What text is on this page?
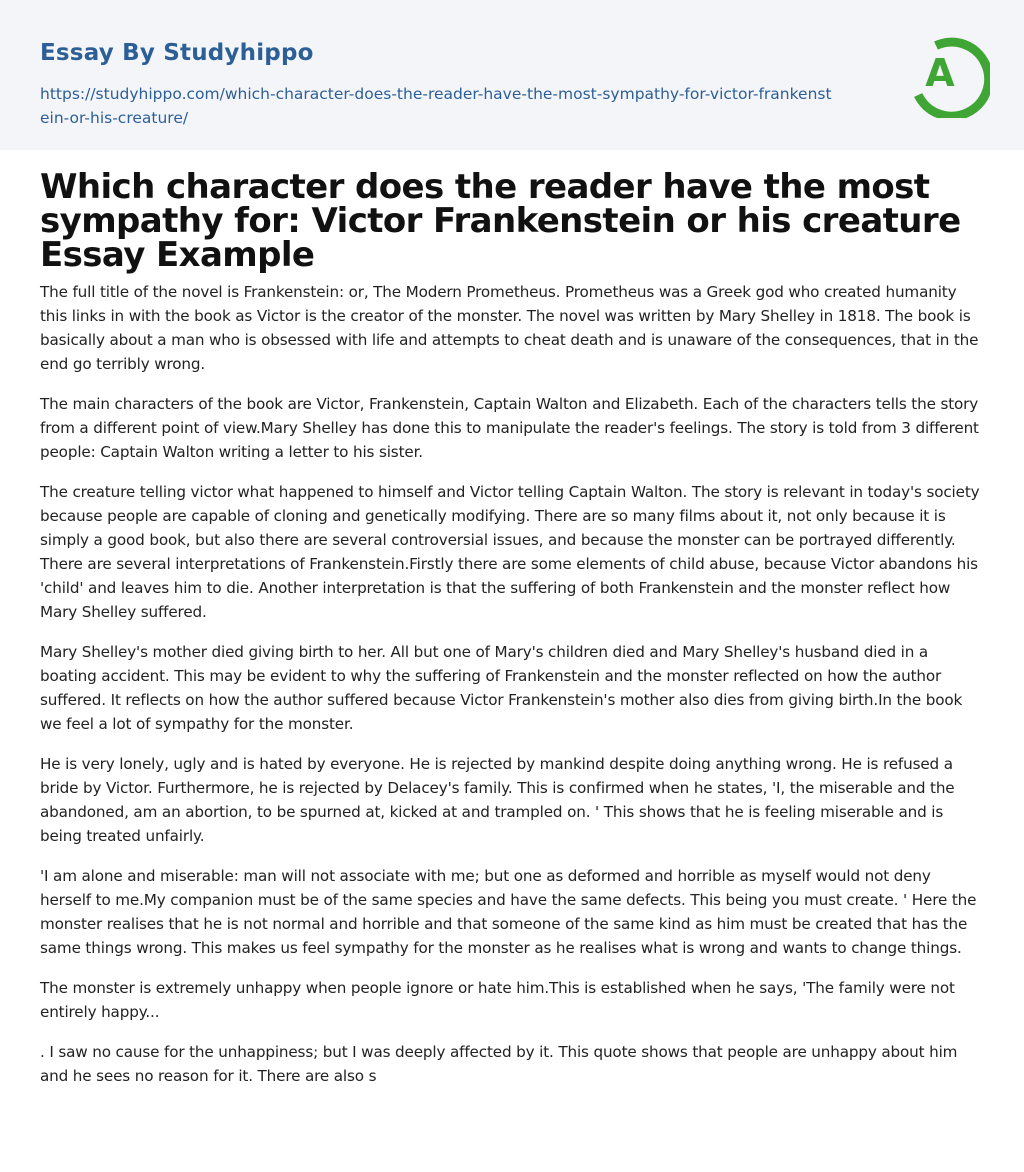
Essay By Studyhippo
https://studyhippo.com/which-character-does-the-reader-have-the-most-sympathy-for-victor-frankenstein-or-his-creature/
A
Which character does the reader have the most sympathy for: Victor Frankenstein or his creature Essay Example

The full title of the novel is Frankenstein: or, The Modern Prometheus. Prometheus was a Greek god who created humanity this links in with the book as Victor is the creator of the monster. The novel was written by Mary Shelley in 1818. The book is basically about a man who is obsessed with life and attempts to cheat death and is unaware of the consequences, that in the end go terribly wrong.

The main characters of the book are Victor, Frankenstein, Captain Walton and Elizabeth. Each of the characters tells the story from a different point of view.Mary Shelley has done this to manipulate the reader's feelings. The story is told from 3 different people: Captain Walton writing a letter to his sister.

The creature telling victor what happened to himself and Victor telling Captain Walton. The story is relevant in today's society because people are capable of cloning and genetically modifying. There are so many films about it, not only because it is simply a good book, but also there are several controversial issues, and because the monster can be portrayed differently. There are several interpretations of Frankenstein.Firstly there are some elements of child abuse, because Victor abandons his 'child' and leaves him to die. Another interpretation is that the suffering of both Frankenstein and the monster reflect how Mary Shelley suffered.

Mary Shelley's mother died giving birth to her. All but one of Mary's children died and Mary Shelley's husband died in a boating accident. This may be evident to why the suffering of Frankenstein and the monster reflected on how the author suffered. It reflects on how the author suffered because Victor Frankenstein's mother also dies from giving birth.In the book we feel a lot of sympathy for the monster.

He is very lonely, ugly and is hated by everyone. He is rejected by mankind despite doing anything wrong. He is refused a bride by Victor. Furthermore, he is rejected by Delacey's family. This is confirmed when he states, 'I, the miserable and the abandoned, am an abortion, to be spurned at, kicked at and trampled on. ' This shows that he is feeling miserable and is being treated unfairly.

'I am alone and miserable: man will not associate with me; but one as deformed and horrible as myself would not deny herself to me.My companion must be of the same species and have the same defects. This being you must create. ' Here the monster realises that he is not normal and horrible and that someone of the same kind as him must be created that has the same things wrong. This makes us feel sympathy for the monster as he realises what is wrong and wants to change things.

The monster is extremely unhappy when people ignore or hate him.This is established when he says, 'The family were not entirely happy...

. I saw no cause for the unhappiness; but I was deeply affected by it. This quote shows that people are unhappy about him and he sees no reason for it. There are also s
